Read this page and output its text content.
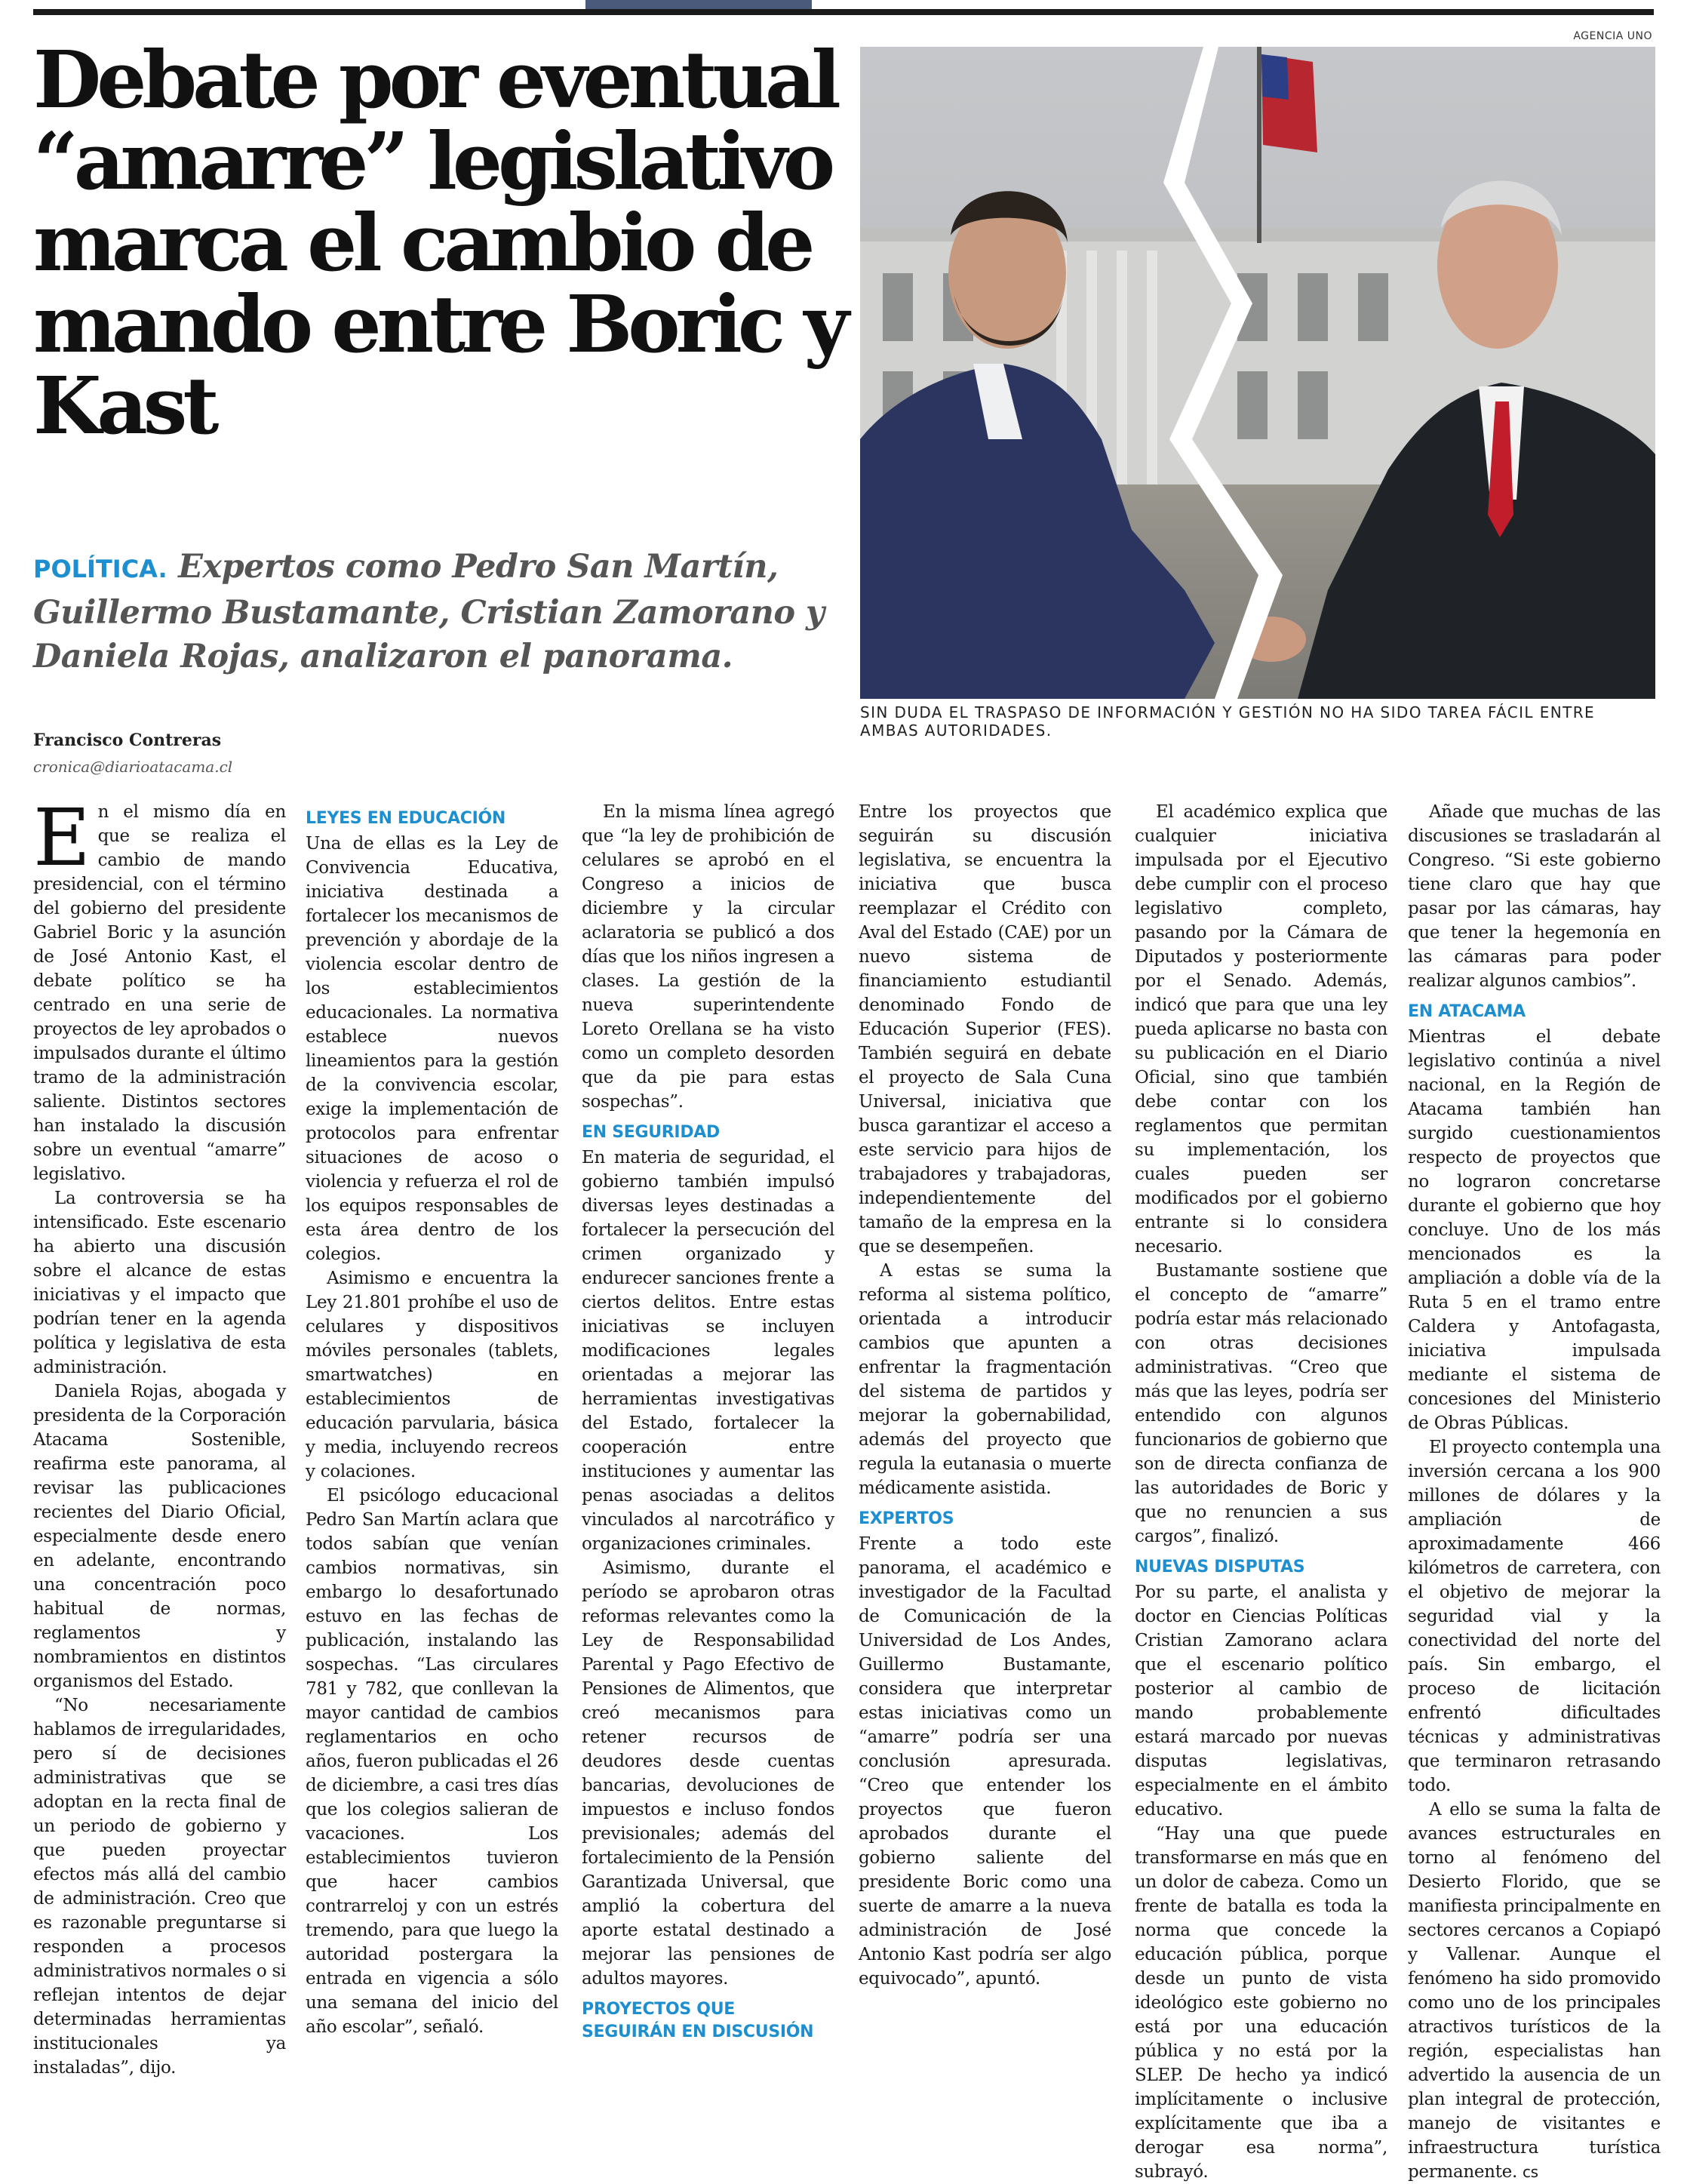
Debate por eventual “amarre” legislativo marca el cambio de mando entre Boric y Kast
POLÍTICA. Expertos como Pedro San Martín, Guillermo Bustamante, Cristian Zamorano y Daniela Rojas, analizaron el panorama.
AGENCIA UNO
SIN DUDA EL TRASPASO DE INFORMACIÓN Y GESTIÓN NO HA SIDO TAREA FÁCIL ENTRE AMBAS AUTORIDADES.
Francisco Contreras
cronica@diarioatacama.cl

En el mismo día en que se realiza el cambio de mando presidencial, con el término del gobierno del presidente Gabriel Boric y la asunción de José Antonio Kast, el debate político se ha centrado en una serie de proyectos de ley aprobados o impulsados durante el último tramo de la administración saliente. Distintos sectores han instalado la discusión sobre un eventual “amarre” legislativo.

La controversia se ha intensificado. Este escenario ha abierto una discusión sobre el alcance de estas iniciativas y el impacto que podrían tener en la agenda política y legislativa de esta administración.

Daniela Rojas, abogada y presidenta de la Corporación Atacama Sostenible, reafirma este panorama, al revisar las publicaciones recientes del Diario Oficial, especialmente desde enero en adelante, encontrando una concentración poco habitual de normas, reglamentos y nombramientos en distintos organismos del Estado.

“No necesariamente hablamos de irregularidades, pero sí de decisiones administrativas que se adoptan en la recta final de un periodo de gobierno y que pueden proyectar efectos más allá del cambio de administración. Creo que es razonable preguntarse si responden a procesos administrativos normales o si reflejan intentos de dejar determinadas herramientas institucionales ya instaladas”, dijo.

LEYES EN EDUCACIÓN

Una de ellas es la Ley de Convivencia Educativa, iniciativa destinada a fortalecer los mecanismos de prevención y abordaje de la violencia escolar dentro de los establecimientos educacionales. La normativa establece nuevos lineamientos para la gestión de la convivencia escolar, exige la implementación de protocolos para enfrentar situaciones de acoso o violencia y refuerza el rol de los equipos responsables de esta área dentro de los colegios.

Asimismo e encuentra la Ley 21.801 prohíbe el uso de celulares y dispositivos móviles personales (tablets, smartwatches) en establecimientos de educación parvularia, básica y media, incluyendo recreos y colaciones.

El psicólogo educacional Pedro San Martín aclara que todos sabían que venían cambios normativas, sin embargo lo desafortunado estuvo en las fechas de publicación, instalando las sospechas. “Las circulares 781 y 782, que conllevan la mayor cantidad de cambios reglamentarios en ocho años, fueron publicadas el 26 de diciembre, a casi tres días que los colegios salieran de vacaciones. Los establecimientos tuvieron que hacer cambios contrarreloj y con un estrés tremendo, para que luego la autoridad postergara la entrada en vigencia a sólo una semana del inicio del año escolar”, señaló.

En la misma línea agregó que “la ley de prohibición de celulares se aprobó en el Congreso a inicios de diciembre y la circular aclaratoria se publicó a dos días que los niños ingresen a clases. La gestión de la nueva superintendente Loreto Orellana se ha visto como un completo desorden que da pie para estas sospechas”.

EN SEGURIDAD

En materia de seguridad, el gobierno también impulsó diversas leyes destinadas a fortalecer la persecución del crimen organizado y endurecer sanciones frente a ciertos delitos. Entre estas iniciativas se incluyen modificaciones legales orientadas a mejorar las herramientas investigativas del Estado, fortalecer la cooperación entre instituciones y aumentar las penas asociadas a delitos vinculados al narcotráfico y organizaciones criminales.

Asimismo, durante el período se aprobaron otras reformas relevantes como la Ley de Responsabilidad Parental y Pago Efectivo de Pensiones de Alimentos, que creó mecanismos para retener recursos de deudores desde cuentas bancarias, devoluciones de impuestos e incluso fondos previsionales; además del fortalecimiento de la Pensión Garantizada Universal, que amplió la cobertura del aporte estatal destinado a mejorar las pensiones de adultos mayores.

PROYECTOS QUE SEGUIRÁN EN DISCUSIÓN

Entre los proyectos que seguirán su discusión legislativa, se encuentra la iniciativa que busca reemplazar el Crédito con Aval del Estado (CAE) por un nuevo sistema de financiamiento estudiantil denominado Fondo de Educación Superior (FES). También seguirá en debate el proyecto de Sala Cuna Universal, iniciativa que busca garantizar el acceso a este servicio para hijos de trabajadores y trabajadoras, independientemente del tamaño de la empresa en la que se desempeñen.

A estas se suma la reforma al sistema político, orientada a introducir cambios que apunten a enfrentar la fragmentación del sistema de partidos y mejorar la gobernabilidad, además del proyecto que regula la eutanasia o muerte médicamente asistida.

EXPERTOS

Frente a todo este panorama, el académico e investigador de la Facultad de Comunicación de la Universidad de Los Andes, Guillermo Bustamante, considera que interpretar estas iniciativas como un “amarre” podría ser una conclusión apresurada. “Creo que entender los proyectos que fueron aprobados durante el gobierno saliente del presidente Boric como una suerte de amarre a la nueva administración de José Antonio Kast podría ser algo equivocado”, apuntó.

El académico explica que cualquier iniciativa impulsada por el Ejecutivo debe cumplir con el proceso legislativo completo, pasando por la Cámara de Diputados y posteriormente por el Senado. Además, indicó que para que una ley pueda aplicarse no basta con su publicación en el Diario Oficial, sino que también debe contar con los reglamentos que permitan su implementación, los cuales pueden ser modificados por el gobierno entrante si lo considera necesario.

Bustamante sostiene que el concepto de “amarre” podría estar más relacionado con otras decisiones administrativas. “Creo que más que las leyes, podría ser entendido con algunos funcionarios de gobierno que son de directa confianza de las autoridades de Boric y que no renuncien a sus cargos”, finalizó.

NUEVAS DISPUTAS

Por su parte, el analista y doctor en Ciencias Políticas Cristian Zamorano aclara que el escenario político posterior al cambio de mando probablemente estará marcado por nuevas disputas legislativas, especialmente en el ámbito educativo.

“Hay una que puede transformarse en más que en un dolor de cabeza. Como un frente de batalla es toda la norma que concede la educación pública, porque desde un punto de vista ideológico este gobierno no está por una educación pública y no está por la SLEP. De hecho ya indicó implícitamente o inclusive explícitamente que iba a derogar esa norma”, subrayó.

Añade que muchas de las discusiones se trasladarán al Congreso. “Si este gobierno tiene claro que hay que pasar por las cámaras, hay que tener la hegemonía en las cámaras para poder realizar algunos cambios”.

EN ATACAMA

Mientras el debate legislativo continúa a nivel nacional, en la Región de Atacama también han surgido cuestionamientos respecto de proyectos que no lograron concretarse durante el gobierno que hoy concluye. Uno de los más mencionados es la ampliación a doble vía de la Ruta 5 en el tramo entre Caldera y Antofagasta, iniciativa impulsada mediante el sistema de concesiones del Ministerio de Obras Públicas.

El proyecto contempla una inversión cercana a los 900 millones de dólares y la ampliación de aproximadamente 466 kilómetros de carretera, con el objetivo de mejorar la seguridad vial y la conectividad del norte del país. Sin embargo, el proceso de licitación enfrentó dificultades técnicas y administrativas que terminaron retrasando todo.

A ello se suma la falta de avances estructurales en torno al fenómeno del Desierto Florido, que se manifiesta principalmente en sectores cercanos a Copiapó y Vallenar. Aunque el fenómeno ha sido promovido como uno de los principales atractivos turísticos de la región, especialistas han advertido la ausencia de un plan integral de protección, manejo de visitantes e infraestructura turística permanente. cs
